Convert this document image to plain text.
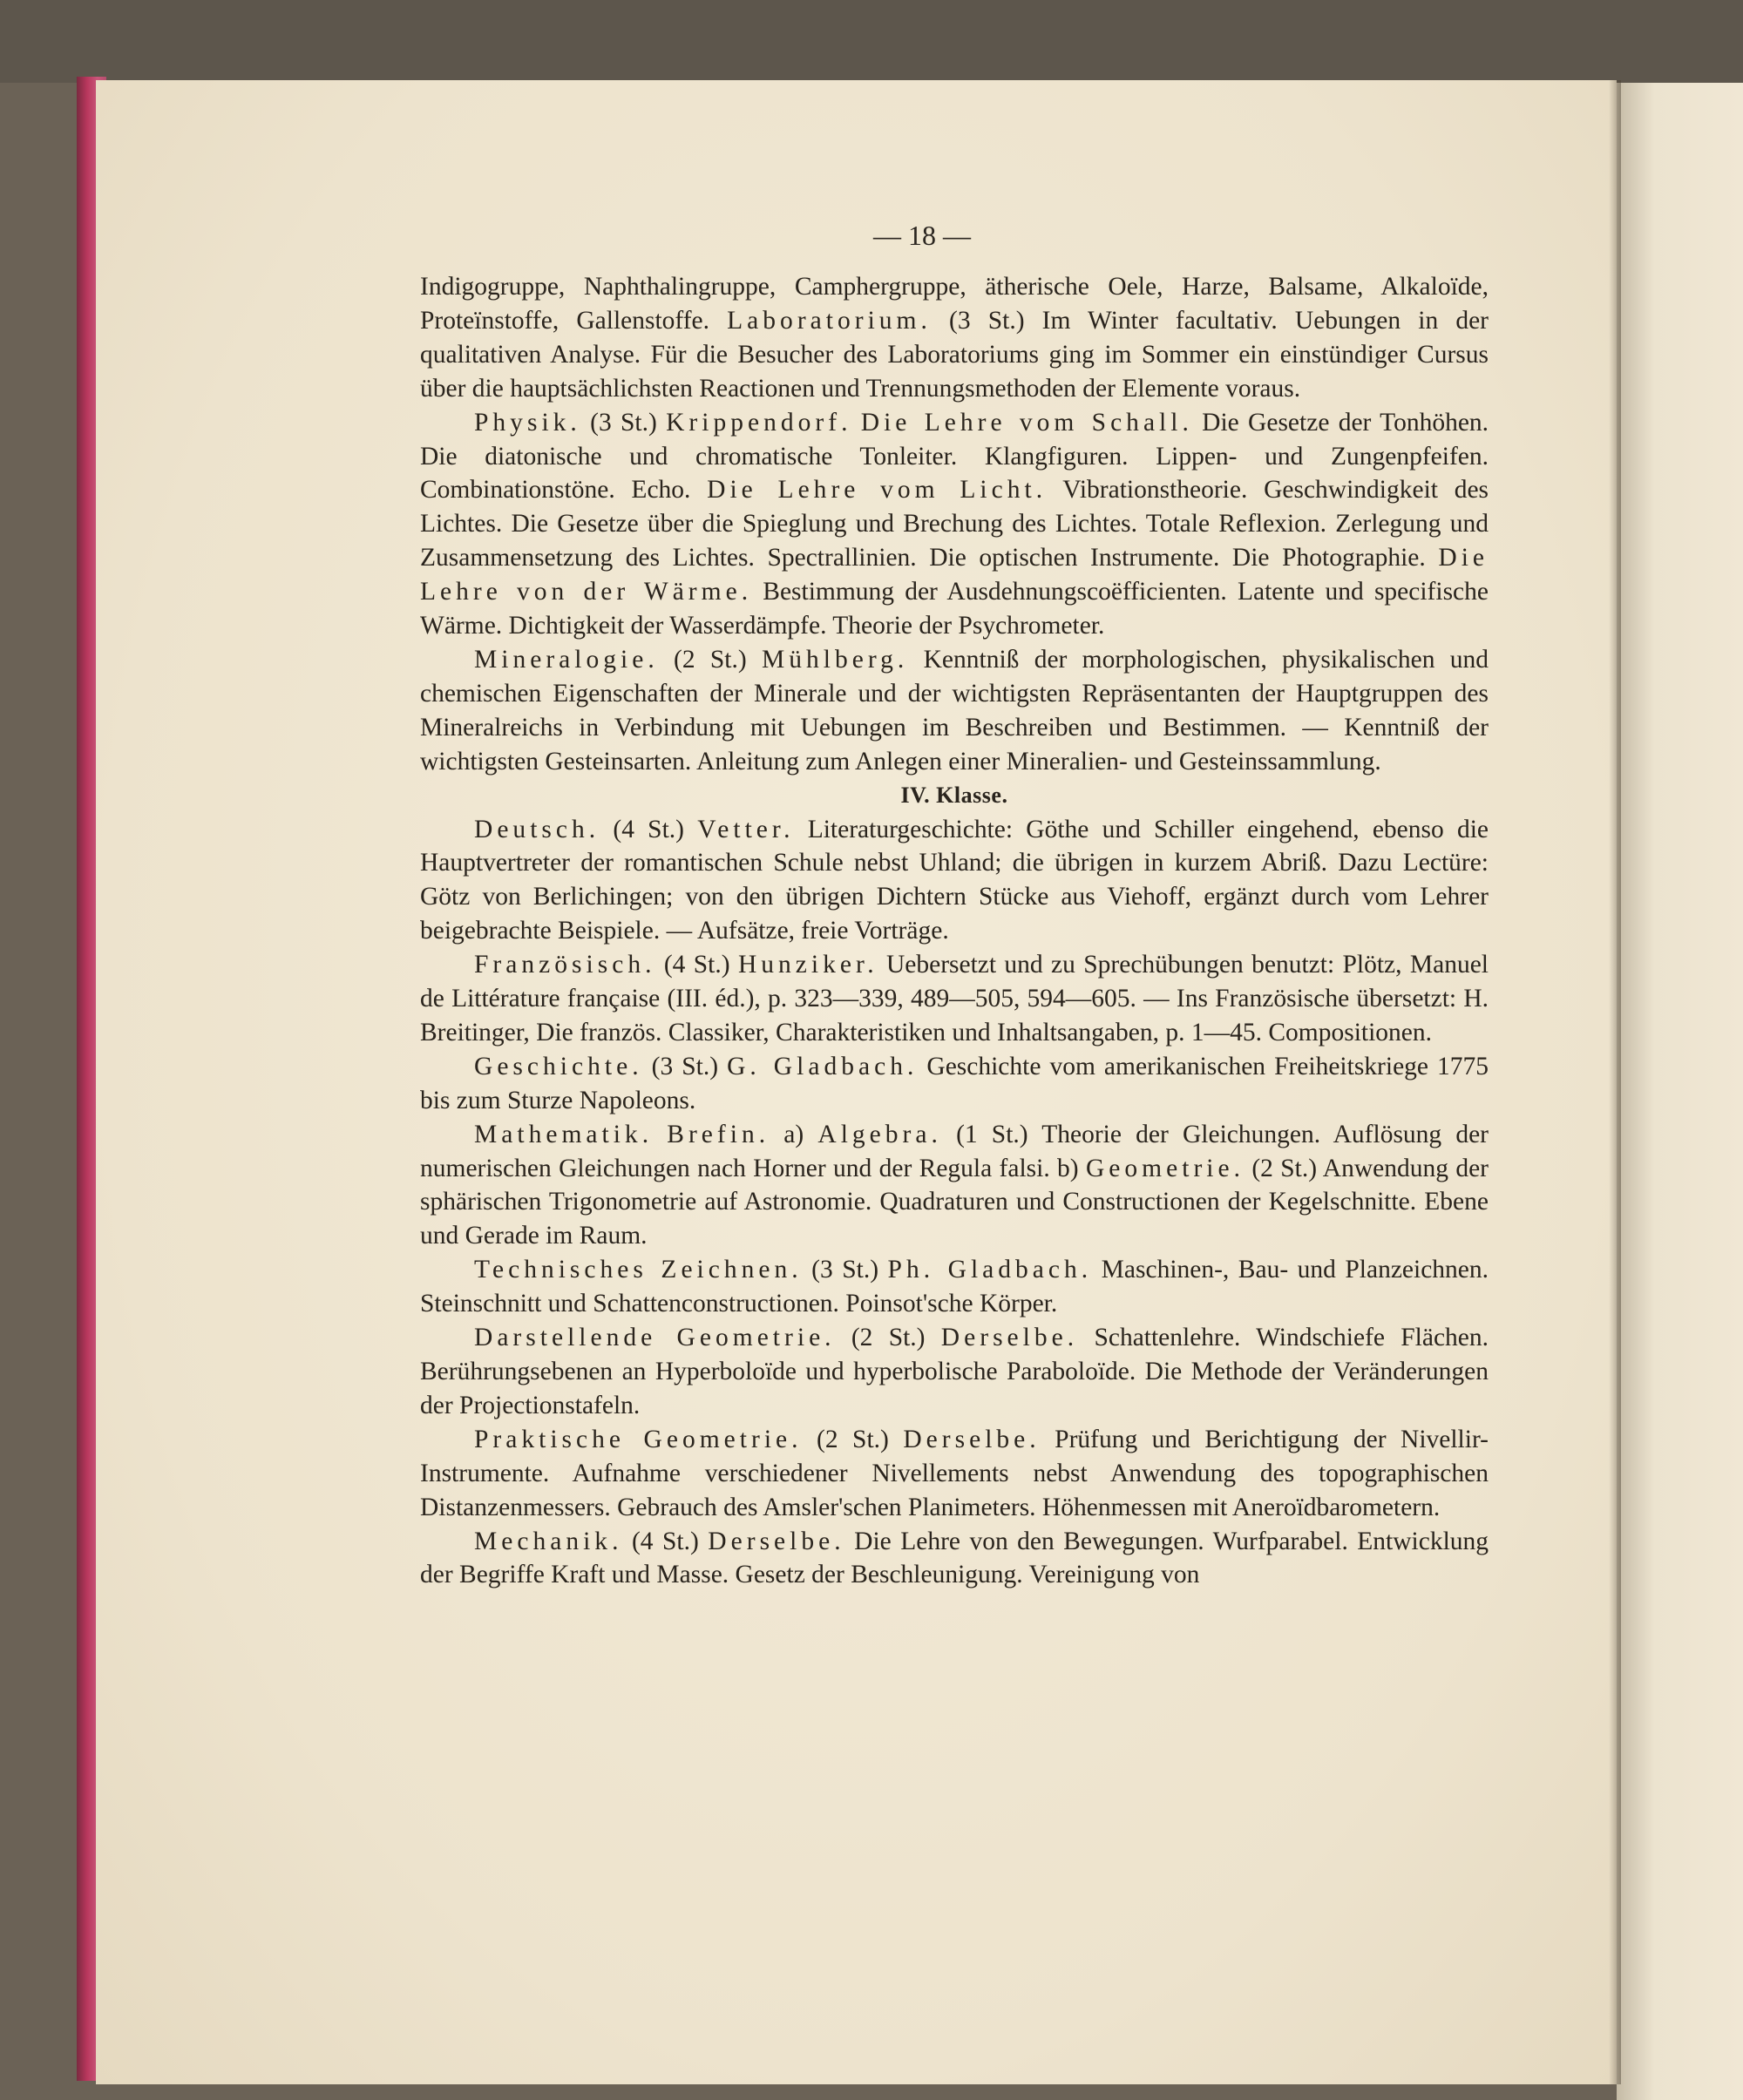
— 18 —

Indigogruppe, Naphthalingruppe, Camphergruppe, ätherische Oele, Harze, Balsame, Alkaloïde, Proteïnstoffe, Gallenstoffe. Laboratorium. (3 St.) Im Winter facultativ. Uebungen in der qualitativen Analyse. Für die Besucher des Laboratoriums ging im Sommer ein einstündiger Cursus über die hauptsächlichsten Reactionen und Trennungsmethoden der Elemente voraus.

Physik. (3 St.) Krippendorf. Die Lehre vom Schall. Die Gesetze der Tonhöhen. Die diatonische und chromatische Tonleiter. Klangfiguren. Lippen- und Zungenpfeifen. Combinationstöne. Echo. Die Lehre vom Licht. Vibrationstheorie. Geschwindigkeit des Lichtes. Die Gesetze über die Spieglung und Brechung des Lichtes. Totale Reflexion. Zerlegung und Zusammensetzung des Lichtes. Spectrallinien. Die optischen Instrumente. Die Photographie. Die Lehre von der Wärme. Bestimmung der Ausdehnungscoëfficienten. Latente und specifische Wärme. Dichtigkeit der Wasserdämpfe. Theorie der Psychrometer.

Mineralogie. (2 St.) Mühlberg. Kenntniß der morphologischen, physikalischen und chemischen Eigenschaften der Minerale und der wichtigsten Repräsentanten der Hauptgruppen des Mineralreichs in Verbindung mit Uebungen im Beschreiben und Bestimmen. — Kenntniß der wichtigsten Gesteinsarten. Anleitung zum Anlegen einer Mineralien- und Gesteinssammlung.

IV. Klasse.

Deutsch. (4 St.) Vetter. Literaturgeschichte: Göthe und Schiller eingehend, ebenso die Hauptvertreter der romantischen Schule nebst Uhland; die übrigen in kurzem Abriß. Dazu Lectüre: Götz von Berlichingen; von den übrigen Dichtern Stücke aus Viehoff, ergänzt durch vom Lehrer beigebrachte Beispiele. — Aufsätze, freie Vorträge.

Französisch. (4 St.) Hunziker. Uebersetzt und zu Sprechübungen benutzt: Plötz, Manuel de Littérature française (III. éd.), p. 323—339, 489—505, 594—605. — Ins Französische übersetzt: H. Breitinger, Die französ. Classiker, Charakteristiken und Inhaltsangaben, p. 1—45. Compositionen.

Geschichte. (3 St.) G. Gladbach. Geschichte vom amerikanischen Freiheitskriege 1775 bis zum Sturze Napoleons.

Mathematik. Brefin. a) Algebra. (1 St.) Theorie der Gleichungen. Auflösung der numerischen Gleichungen nach Horner und der Regula falsi. b) Geometrie. (2 St.) Anwendung der sphärischen Trigonometrie auf Astronomie. Quadraturen und Constructionen der Kegelschnitte. Ebene und Gerade im Raum.

Technisches Zeichnen. (3 St.) Ph. Gladbach. Maschinen-, Bau- und Planzeichnen. Steinschnitt und Schattenconstructionen. Poinsot'sche Körper.

Darstellende Geometrie. (2 St.) Derselbe. Schattenlehre. Windschiefe Flächen. Berührungsebenen an Hyperboloïde und hyperbolische Paraboloïde. Die Methode der Veränderungen der Projectionstafeln.

Praktische Geometrie. (2 St.) Derselbe. Prüfung und Berichtigung der Nivellir-Instrumente. Aufnahme verschiedener Nivellements nebst Anwendung des topographischen Distanzenmessers. Gebrauch des Amsler'schen Planimeters. Höhenmessen mit Aneroïdbarometern.

Mechanik. (4 St.) Derselbe. Die Lehre von den Bewegungen. Wurfparabel. Entwicklung der Begriffe Kraft und Masse. Gesetz der Beschleunigung. Vereinigung von
